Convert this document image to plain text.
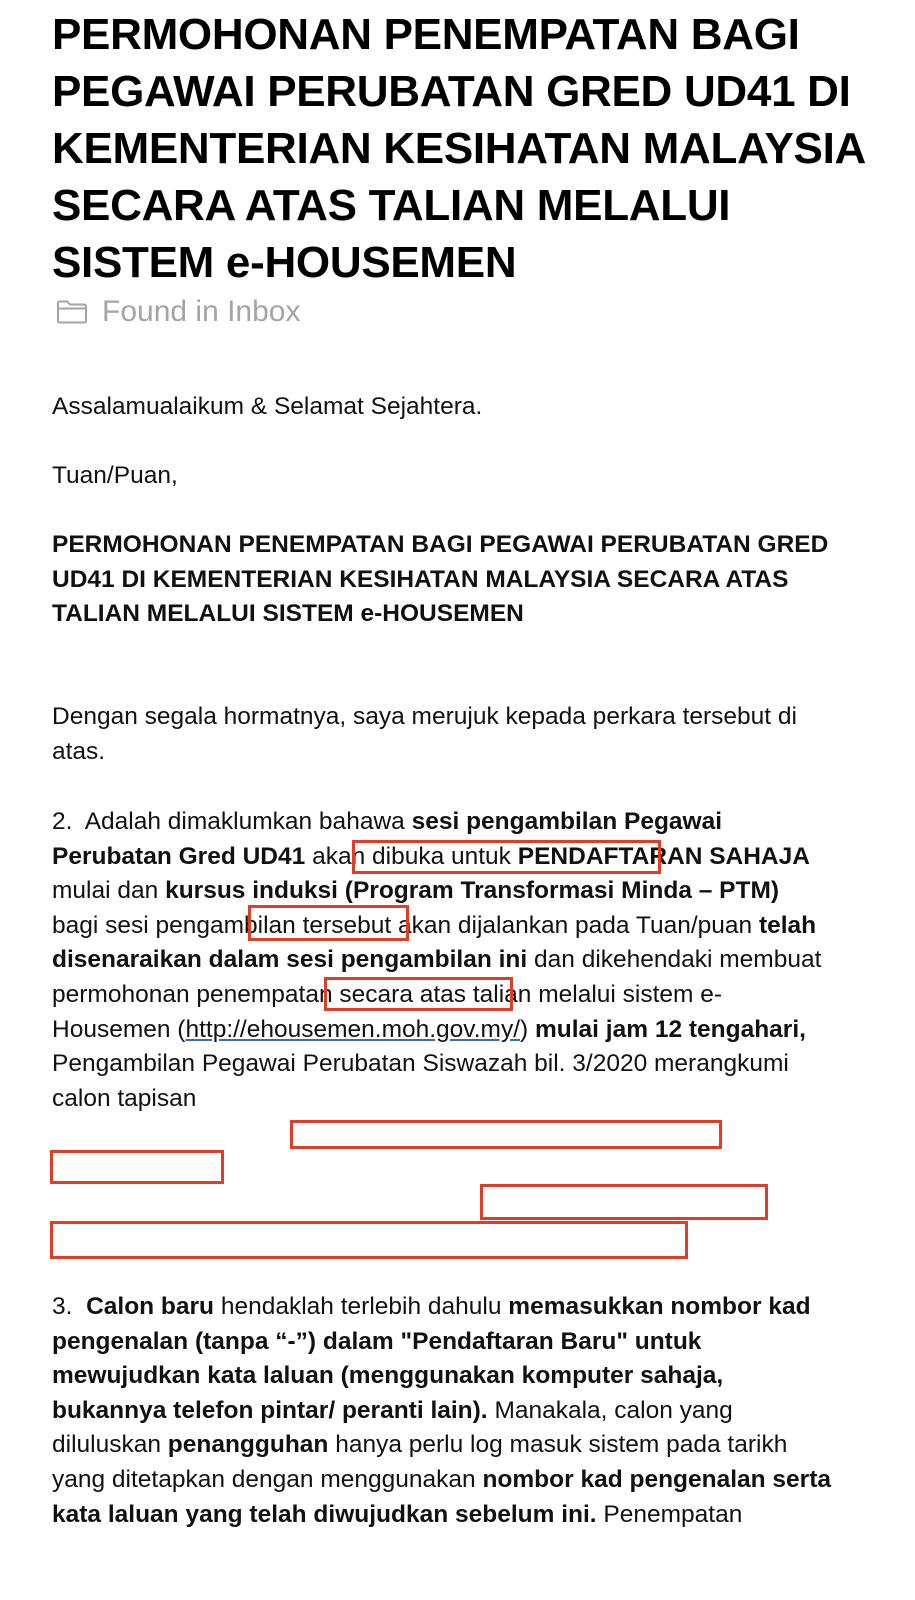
PERMOHONAN PENEMPATAN BAGI PEGAWAI PERUBATAN GRED UD41 DI KEMENTERIAN KESIHATAN MALAYSIA SECARA ATAS TALIAN MELALUI SISTEM e-HOUSEMEN
Found in Inbox

Assalamualaikum & Selamat Sejahtera.

Tuan/Puan,

PERMOHONAN PENEMPATAN BAGI PEGAWAI PERUBATAN GRED UD41 DI KEMENTERIAN KESIHATAN MALAYSIA SECARA ATAS TALIAN MELALUI SISTEM e-HOUSEMEN

Dengan segala hormatnya, saya merujuk kepada perkara tersebut di atas.

2. Adalah dimaklumkan bahawa sesi pengambilan Pegawai Perubatan Gred UD41 akan dibuka untuk PENDAFTARAN SAHAJA mulai dan kursus induksi (Program Transformasi Minda – PTM) bagi sesi pengambilan tersebut akan dijalankan pada Tuan/puan telah disenaraikan dalam sesi pengambilan ini dan dikehendaki membuat permohonan penempatan secara atas talian melalui sistem e-Housemen (http://ehousemen.moh.gov.my/) mulai jam 12 tengahari, Pengambilan Pegawai Perubatan Siswazah bil. 3/2020 merangkumi calon tapisan

3. Calon baru hendaklah terlebih dahulu memasukkan nombor kad pengenalan (tanpa “-”) dalam "Pendaftaran Baru" untuk mewujudkan kata laluan (menggunakan komputer sahaja, bukannya telefon pintar/ peranti lain). Manakala, calon yang diluluskan penangguhan hanya perlu log masuk sistem pada tarikh yang ditetapkan dengan menggunakan nombor kad pengenalan serta kata laluan yang telah diwujudkan sebelum ini. Penempatan
